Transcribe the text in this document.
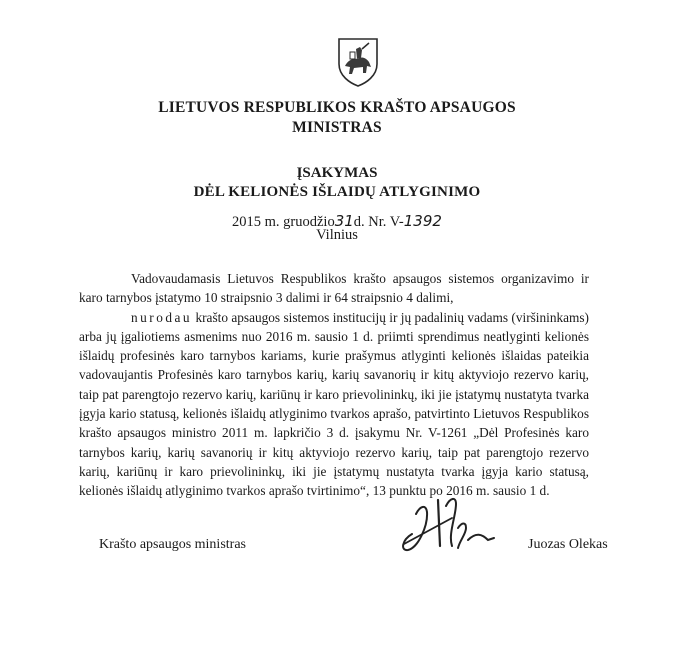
LIETUVOS RESPUBLIKOS KRAŠTO APSAUGOS
MINISTRAS
ĮSAKYMAS
DĖL KELIONĖS IŠLAIDŲ ATLYGINIMO
2015 m. gruodžio31d. Nr. V-1392
Vilnius

Vadovaudamasis Lietuvos Respublikos krašto apsaugos sistemos organizavimo ir karo tarnybos įstatymo 10 straipsnio 3 dalimi ir 64 straipsnio 4 dalimi,

nurodau krašto apsaugos sistemos institucijų ir jų padalinių vadams (viršininkams) arba jų įgaliotiems asmenims nuo 2016 m. sausio 1 d. priimti sprendimus neatlyginti kelionės išlaidų profesinės karo tarnybos kariams, kurie prašymus atlyginti kelionės išlaidas pateikia vadovaujantis Profesinės karo tarnybos karių, karių savanorių ir kitų aktyviojo rezervo karių, taip pat parengtojo rezervo karių, kariūnų ir karo prievolininkų, iki jie įstatymų nustatyta tvarka įgyja kario statusą, kelionės išlaidų atlyginimo tvarkos aprašo, patvirtinto Lietuvos Respublikos krašto apsaugos ministro 2011 m. lapkričio 3 d. įsakymu Nr. V-1261 „Dėl Profesinės karo tarnybos karių, karių savanorių ir kitų aktyviojo rezervo karių, taip pat parengtojo rezervo karių, kariūnų ir karo prievolininkų, iki jie įstatymų nustatyta tvarka įgyja kario statusą, kelionės išlaidų atlyginimo tvarkos aprašo tvirtinimo“, 13 punktu po 2016 m. sausio 1 d.

Krašto apsaugos ministras	Juozas Olekas
